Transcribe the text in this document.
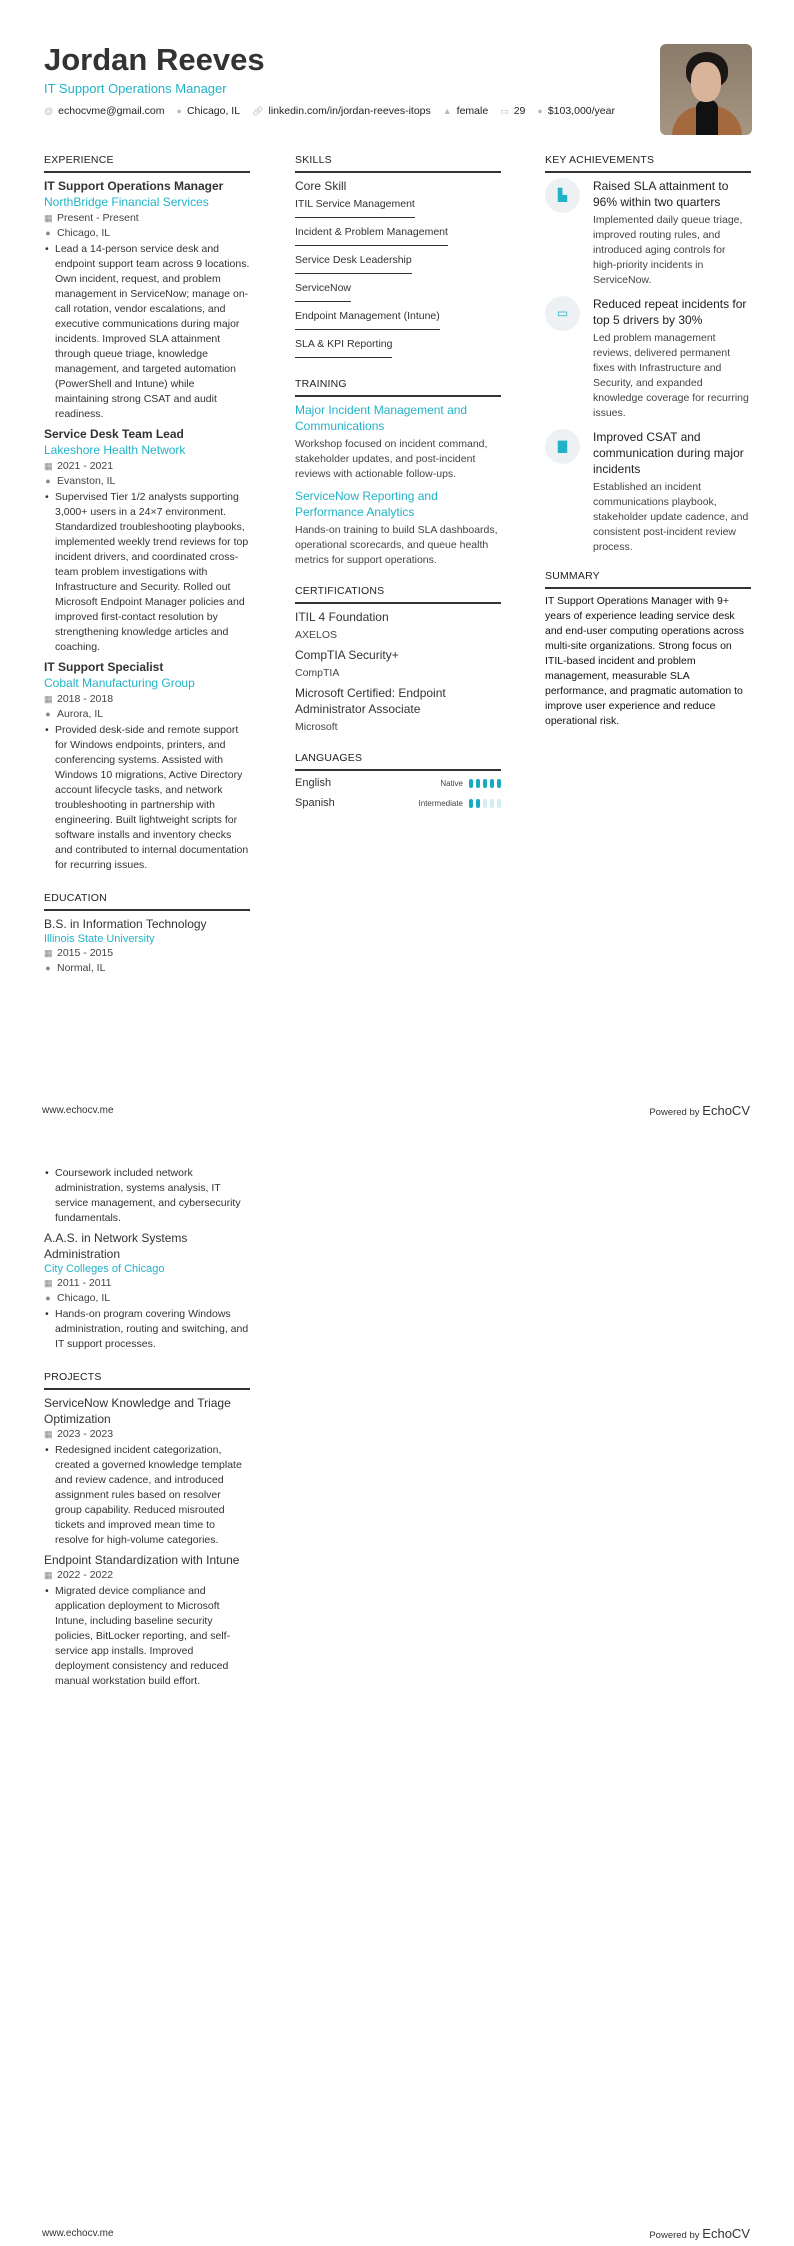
Jordan Reeves
IT Support Operations Manager
@ echocvme@gmail.com ● Chicago, IL 🔗︎ linkedin.com/in/jordan-reeves-itops ▲ female ▭ 29 ● $103,000/year
EXPERIENCE
IT Support Operations Manager
NorthBridge Financial Services
▦ Present - Present
● Chicago, IL
• Lead a 14-person service desk and endpoint support team across 9 locations. Own incident, request, and problem management in ServiceNow; manage on-call rotation, vendor escalations, and executive communications during major incidents. Improved SLA attainment through queue triage, knowledge management, and targeted automation (PowerShell and Intune) while maintaining strong CSAT and audit readiness.
Service Desk Team Lead
Lakeshore Health Network
▦ 2021 - 2021
● Evanston, IL
• Supervised Tier 1/2 analysts supporting 3,000+ users in a 24×7 environment. Standardized troubleshooting playbooks, implemented weekly trend reviews for top incident drivers, and coordinated cross-team problem investigations with Infrastructure and Security. Rolled out Microsoft Endpoint Manager policies and improved first-contact resolution by strengthening knowledge articles and coaching.
IT Support Specialist
Cobalt Manufacturing Group
▦ 2018 - 2018
● Aurora, IL
• Provided desk-side and remote support for Windows endpoints, printers, and conferencing systems. Assisted with Windows 10 migrations, Active Directory account lifecycle tasks, and network troubleshooting in partnership with engineering. Built lightweight scripts for software installs and inventory checks and contributed to internal documentation for recurring issues.
EDUCATION
B.S. in Information Technology
Illinois State University
▦ 2015 - 2015
● Normal, IL
SKILLS
Core Skill
ITIL Service Management
Incident & Problem Management
Service Desk Leadership
ServiceNow
Endpoint Management (Intune)
SLA & KPI Reporting
TRAINING
Major Incident Management and Communications
Workshop focused on incident command, stakeholder updates, and post-incident reviews with actionable follow-ups.
ServiceNow Reporting and Performance Analytics
Hands-on training to build SLA dashboards, operational scorecards, and queue health metrics for support operations.
CERTIFICATIONS
ITIL 4 Foundation
AXELOS
CompTIA Security+
CompTIA
Microsoft Certified: Endpoint Administrator Associate
Microsoft
LANGUAGES
English	Native
Spanish	Intermediate
KEY ACHIEVEMENTS
▙
Raised SLA attainment to 96% within two quarters
Implemented daily queue triage, improved routing rules, and introduced aging controls for high-priority incidents in ServiceNow.
▭
Reduced repeat incidents for top 5 drivers by 30%
Led problem management reviews, delivered permanent fixes with Infrastructure and Security, and expanded knowledge coverage for recurring issues.
▇
Improved CSAT and communication during major incidents
Established an incident communications playbook, stakeholder update cadence, and consistent post-incident review process.
SUMMARY
IT Support Operations Manager with 9+ years of experience leading service desk and end-user computing operations across multi-site organizations. Strong focus on ITIL-based incident and problem management, measurable SLA performance, and pragmatic automation to improve user experience and reduce operational risk.
www.echocv.me	Powered by EchoCV
• Coursework included network administration, systems analysis, IT service management, and cybersecurity fundamentals.
A.A.S. in Network Systems Administration
City Colleges of Chicago
▦ 2011 - 2011
● Chicago, IL
• Hands-on program covering Windows administration, routing and switching, and IT support processes.
PROJECTS
ServiceNow Knowledge and Triage Optimization
▦ 2023 - 2023
• Redesigned incident categorization, created a governed knowledge template and review cadence, and introduced assignment rules based on resolver group capability. Reduced misrouted tickets and improved mean time to resolve for high-volume categories.
Endpoint Standardization with Intune
▦ 2022 - 2022
• Migrated device compliance and application deployment to Microsoft Intune, including baseline security policies, BitLocker reporting, and self-service app installs. Improved deployment consistency and reduced manual workstation build effort.
www.echocv.me	Powered by EchoCV
